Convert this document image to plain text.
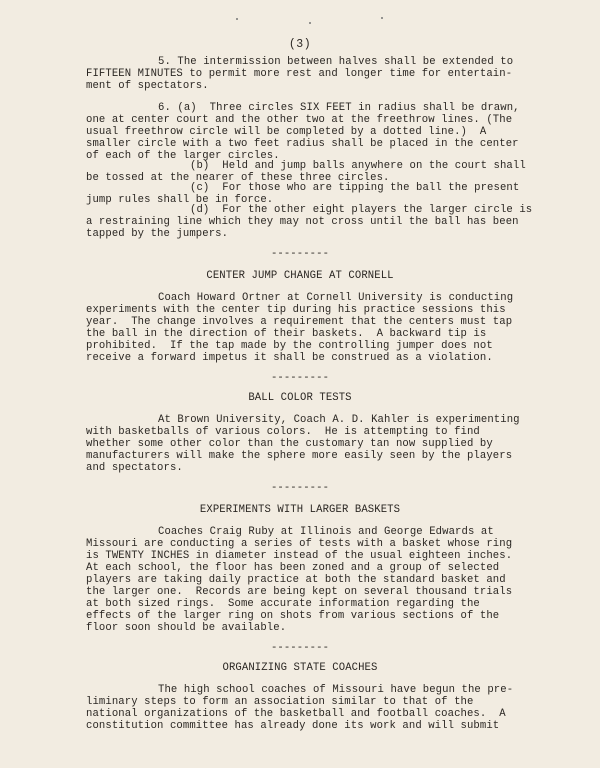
(3)
5. The intermission between halves shall be extended to
FIFTEEN MINUTES to permit more rest and longer time for entertain-
ment of spectators.
6. (a)  Three circles SIX FEET in radius shall be drawn,
one at center court and the other two at the freethrow lines. (The
usual freethrow circle will be completed by a dotted line.)  A
smaller circle with a two feet radius shall be placed in the center
of each of the larger circles.
(b)  Held and jump balls anywhere on the court shall
be tossed at the nearer of these three circles.
(c)  For those who are tipping the ball the present
jump rules shall be in force.
(d)  For the other eight players the larger circle is
a restraining line which they may not cross until the ball has been
tapped by the jumpers.
---------
CENTER JUMP CHANGE AT CORNELL
Coach Howard Ortner at Cornell University is conducting
experiments with the center tip during his practice sessions this
year.  The change involves a requirement that the centers must tap
the ball in the direction of their baskets.  A backward tip is
prohibited.  If the tap made by the controlling jumper does not
receive a forward impetus it shall be construed as a violation.
---------
BALL COLOR TESTS
At Brown University, Coach A. D. Kahler is experimenting
with basketballs of various colors.  He is attempting to find
whether some other color than the customary tan now supplied by
manufacturers will make the sphere more easily seen by the players
and spectators.
---------
EXPERIMENTS WITH LARGER BASKETS
Coaches Craig Ruby at Illinois and George Edwards at
Missouri are conducting a series of tests with a basket whose ring
is TWENTY INCHES in diameter instead of the usual eighteen inches.
At each school, the floor has been zoned and a group of selected
players are taking daily practice at both the standard basket and
the larger one.  Records are being kept on several thousand trials
at both sized rings.  Some accurate information regarding the
effects of the larger ring on shots from various sections of the
floor soon should be available.
---------
ORGANIZING STATE COACHES
The high school coaches of Missouri have begun the pre-
liminary steps to form an association similar to that of the
national organizations of the basketball and football coaches.  A
constitution committee has already done its work and will submit
